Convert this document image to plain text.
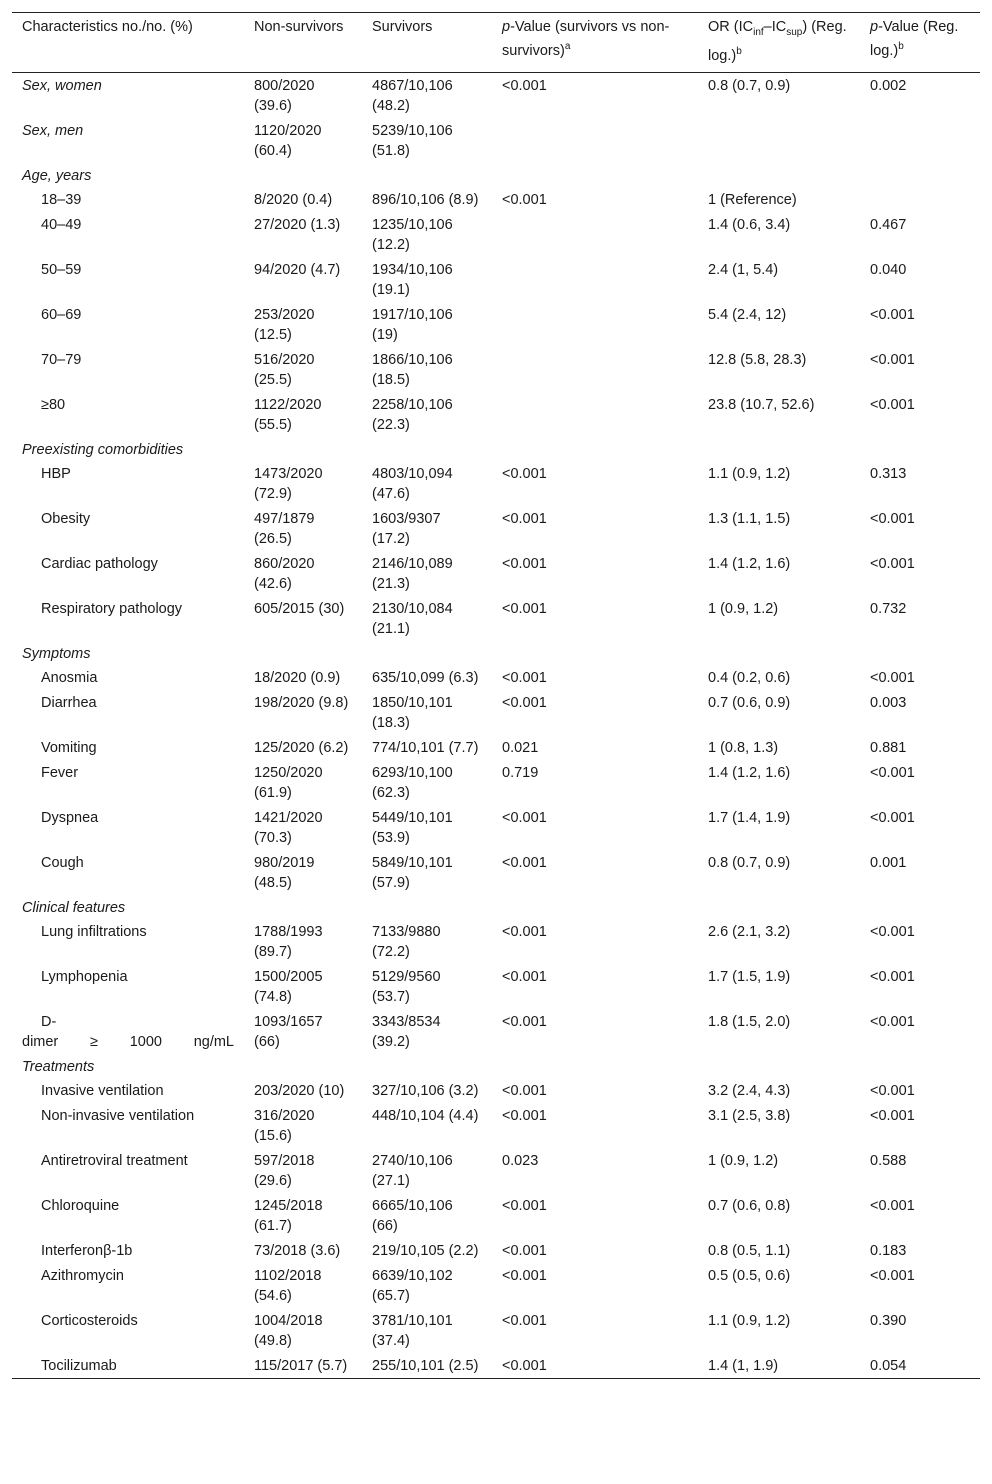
Characteristics no./no. (%)	Non-survivors	Survivors	p-Value (survivors vs non-survivors)$^a$	OR $(IC_{inf}-IC_{sup})$ (Reg. log.)$^b$	p-Value (Reg. log.)$^b$
Sex, women	800/2020 (39.6)	4867/10,106 (48.2)	<0.001	0.8 (0.7, 0.9)	0.002
Sex, men	1120/2020 (60.4)	5239/10,106 (51.8)			
Age, years					
18–39	8/2020 (0.4)	896/10,106 (8.9)	<0.001	1 (Reference)	
40–49	27/2020 (1.3)	1235/10,106 (12.2)		1.4 (0.6, 3.4)	0.467
50–59	94/2020 (4.7)	1934/10,106 (19.1)		2.4 (1, 5.4)	0.040
60–69	253/2020 (12.5)	1917/10,106 (19)		5.4 (2.4, 12)	<0.001
70–79	516/2020 (25.5)	1866/10,106 (18.5)		12.8 (5.8, 28.3)	<0.001
≥80	1122/2020 (55.5)	2258/10,106 (22.3)		23.8 (10.7, 52.6)	<0.001
Preexisting comorbidities					
HBP	1473/2020 (72.9)	4803/10,094 (47.6)	<0.001	1.1 (0.9, 1.2)	0.313
Obesity	497/1879 (26.5)	1603/9307 (17.2)	<0.001	1.3 (1.1, 1.5)	<0.001
Cardiac pathology	860/2020 (42.6)	2146/10,089 (21.3)	<0.001	1.4 (1.2, 1.6)	<0.001
Respiratory pathology	605/2015 (30)	2130/10,084 (21.1)	<0.001	1 (0.9, 1.2)	0.732
Symptoms					
Anosmia	18/2020 (0.9)	635/10,099 (6.3)	<0.001	0.4 (0.2, 0.6)	<0.001
Diarrhea	198/2020 (9.8)	1850/10,101 (18.3)	<0.001	0.7 (0.6, 0.9)	0.003
Vomiting	125/2020 (6.2)	774/10,101 (7.7)	0.021	1 (0.8, 1.3)	0.881
Fever	1250/2020 (61.9)	6293/10,100 (62.3)	0.719	1.4 (1.2, 1.6)	<0.001
Dyspnea	1421/2020 (70.3)	5449/10,101 (53.9)	<0.001	1.7 (1.4, 1.9)	<0.001
Cough	980/2019 (48.5)	5849/10,101 (57.9)	<0.001	0.8 (0.7, 0.9)	0.001
Clinical features					
Lung infiltrations	1788/1993 (89.7)	7133/9880 (72.2)	<0.001	2.6 (2.1, 3.2)	<0.001
Lymphopenia	1500/2005 (74.8)	5129/9560 (53.7)	<0.001	1.7 (1.5, 1.9)	<0.001

D-
dimer ≥ 1000 ng/mL	1093/1657 (66)	3343/8534 (39.2)	<0.001	1.8 (1.5, 2.0)	<0.001
Treatments					
Invasive ventilation	203/2020 (10)	327/10,106 (3.2)	<0.001	3.2 (2.4, 4.3)	<0.001
Non-invasive ventilation	316/2020 (15.6)	448/10,104 (4.4)	<0.001	3.1 (2.5, 3.8)	<0.001
Antiretroviral treatment	597/2018 (29.6)	2740/10,106 (27.1)	0.023	1 (0.9, 1.2)	0.588
Chloroquine	1245/2018 (61.7)	6665/10,106 (66)	<0.001	0.7 (0.6, 0.8)	<0.001
Interferonβ-1b	73/2018 (3.6)	219/10,105 (2.2)	<0.001	0.8 (0.5, 1.1)	0.183
Azithromycin	1102/2018 (54.6)	6639/10,102 (65.7)	<0.001	0.5 (0.5, 0.6)	<0.001
Corticosteroids	1004/2018 (49.8)	3781/10,101 (37.4)	<0.001	1.1 (0.9, 1.2)	0.390
Tocilizumab	115/2017 (5.7)	255/10,101 (2.5)	<0.001	1.4 (1, 1.9)	0.054
